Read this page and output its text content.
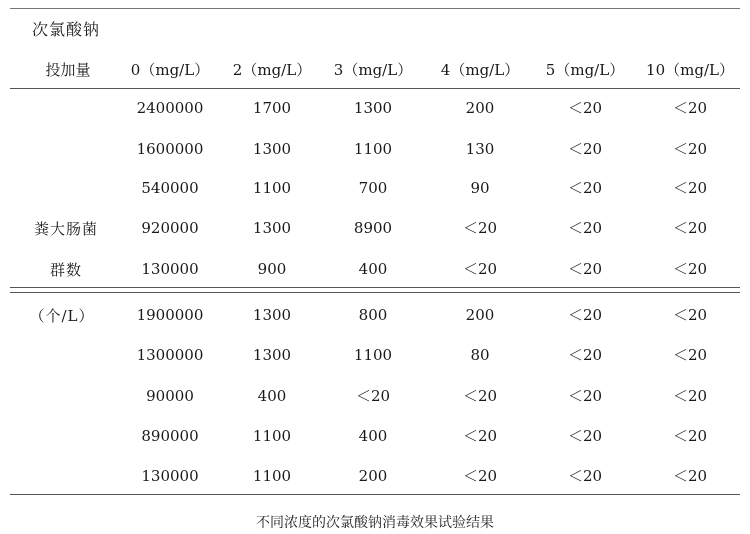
次氯酸钠
投加量	0（mg/L） 2（mg/L） 3（mg/L） 4（mg/L） 5（mg/L） 10（mg/L）
2400000	1700	1300	200	＜20	＜20
1600000	1300	1100	130	＜20	＜20
540000	1100	700	90	＜20	＜20
920000	1300	8900	＜20	＜20	＜20
130000	900	400	＜20	＜20	＜20
1900000	1300	800	200	＜20	＜20
1300000	1300	1100	80	＜20	＜20
90000	400	＜20	＜20	＜20	＜20
890000	1100	400	＜20	＜20	＜20
130000	1100	200	＜20	＜20	＜20
粪大肠菌
群数
（个/L）
不同浓度的次氯酸钠消毒效果试验结果
